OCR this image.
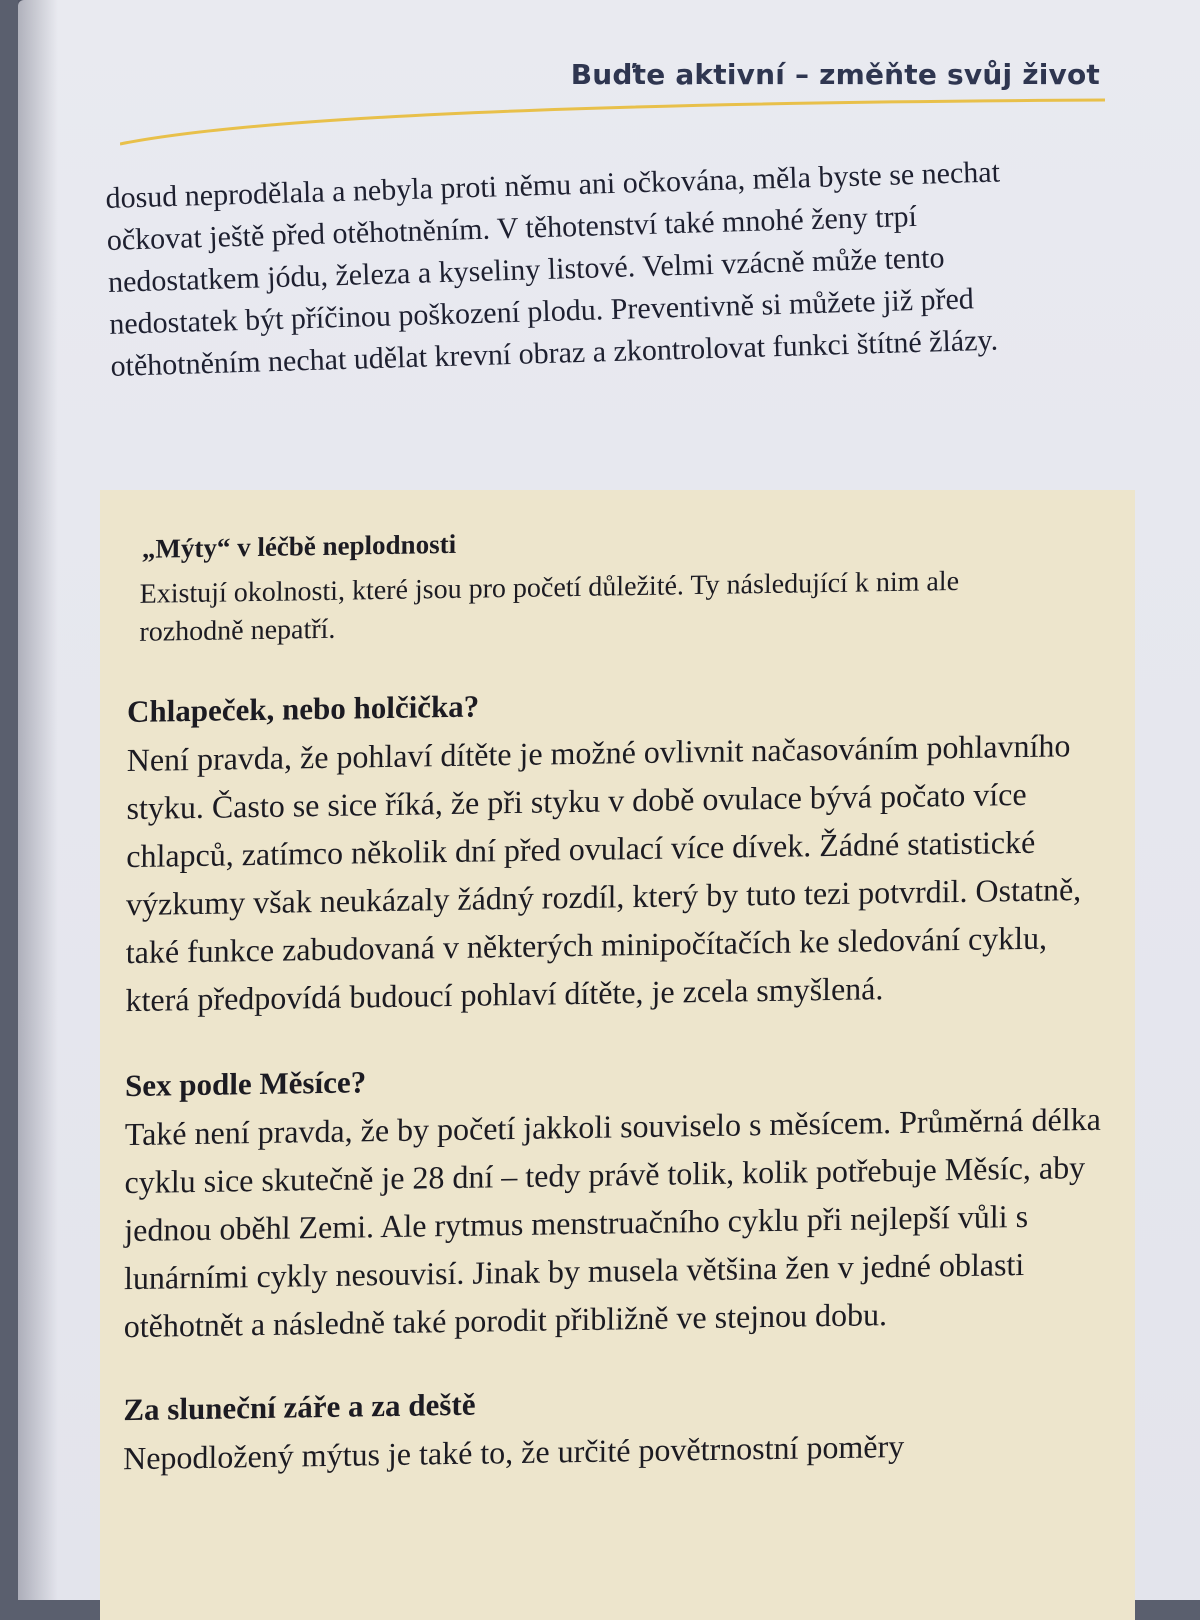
Buďte aktivní – změňte svůj život

dosud neprodělala a nebyla proti němu ani očkována, měla byste se nechat očkovat ještě před otěhotněním. V těhotenství také mnohé ženy trpí nedostatkem jódu, železa a kyseliny listové. Velmi vzácně může tento nedostatek být příčinou poškození plodu. Preventivně si můžete již před otěhotněním nechat udělat krevní obraz a zkontrolovat funkci štítné žlázy.

„Mýty“ v léčbě neplodnosti

Existují okolnosti, které jsou pro početí důležité. Ty následující k nim ale rozhodně nepatří.

Chlapeček, nebo holčička?

Není pravda, že pohlaví dítěte je možné ovlivnit načasováním pohlavního styku. Často se sice říká, že při styku v době ovulace bývá počato více chlapců, zatímco několik dní před ovulací více dívek. Žádné statistické výzkumy však neukázaly žádný rozdíl, který by tuto tezi potvrdil. Ostatně, také funkce zabudovaná v některých minipočítačích ke sledování cyklu, která předpovídá budoucí pohlaví dítěte, je zcela smyšlená.

Sex podle Měsíce?

Také není pravda, že by početí jakkoli souviselo s měsícem. Průměrná délka cyklu sice skutečně je 28 dní – tedy právě tolik, kolik potřebuje Měsíc, aby jednou oběhl Zemi. Ale rytmus menstruačního cyklu při nejlepší vůli s lunárními cykly nesouvisí. Jinak by musela většina žen v jedné oblasti otěhotnět a následně také porodit přibližně ve stejnou dobu.

Za sluneční záře a za deště

Nepodložený mýtus je také to, že určité povětrnostní poměry
